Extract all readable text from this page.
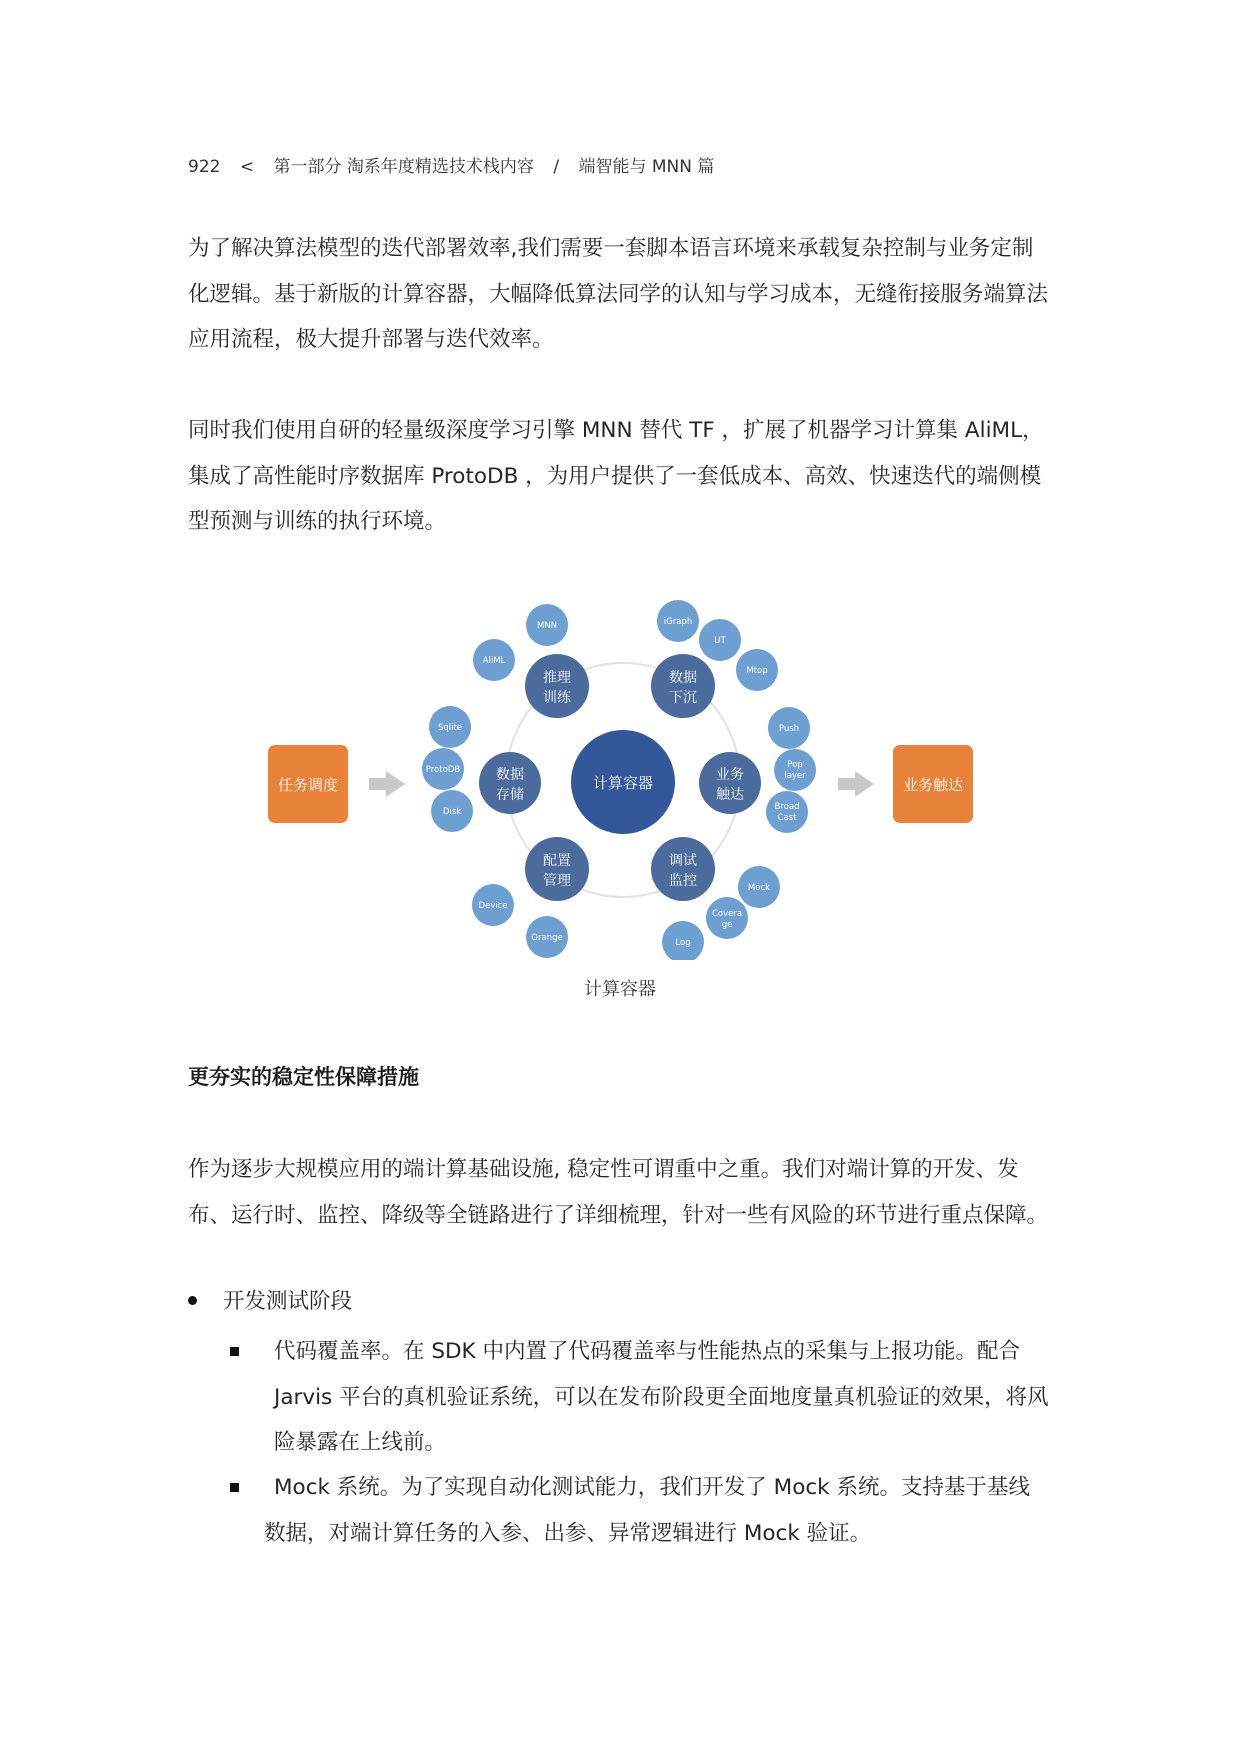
922 < 第一部分 淘系年度精选技术栈内容 / 端智能与 MNN 篇
为了解决算法模型的迭代部署效率,我们需要一套脚本语言环境来承载复杂控制与业务定制化逻辑。基于新版的计算容器，大幅降低算法同学的认知与学习成本，无缝衔接服务端算法应用流程，极大提升部署与迭代效率。
同时我们使用自研的轻量级深度学习引擎 MNN 替代 TF ，扩展了机器学习计算集 AliML，集成了高性能时序数据库 ProtoDB ，为用户提供了一套低成本、高效、快速迭代的端侧模型预测与训练的执行环境。
任务调度	业务触达
计算容器
推理
训练
数据
下沉
数据
存储
业务
触达
配置
管理
调试
监控
MNN
AliML
iGraph
UT
Mtop
Sqlite
ProtoDB
Disk
Push
Pop
layer
Broad
Cast
Device
Orange
Mock
Covera
ge
Log
计算容器
更夯实的稳定性保障措施
作为逐步大规模应用的端计算基础设施, 稳定性可谓重中之重。我们对端计算的开发、发布、运行时、监控、降级等全链路进行了详细梳理，针对一些有风险的环节进行重点保障。
开发测试阶段
代码覆盖率。在 SDK 中内置了代码覆盖率与性能热点的采集与上报功能。配合
Jarvis 平台的真机验证系统，可以在发布阶段更全面地度量真机验证的效果，将风
险暴露在上线前。
Mock 系统。为了实现自动化测试能力，我们开发了 Mock 系统。支持基于基线
数据，对端计算任务的入参、出参、异常逻辑进行 Mock 验证。
